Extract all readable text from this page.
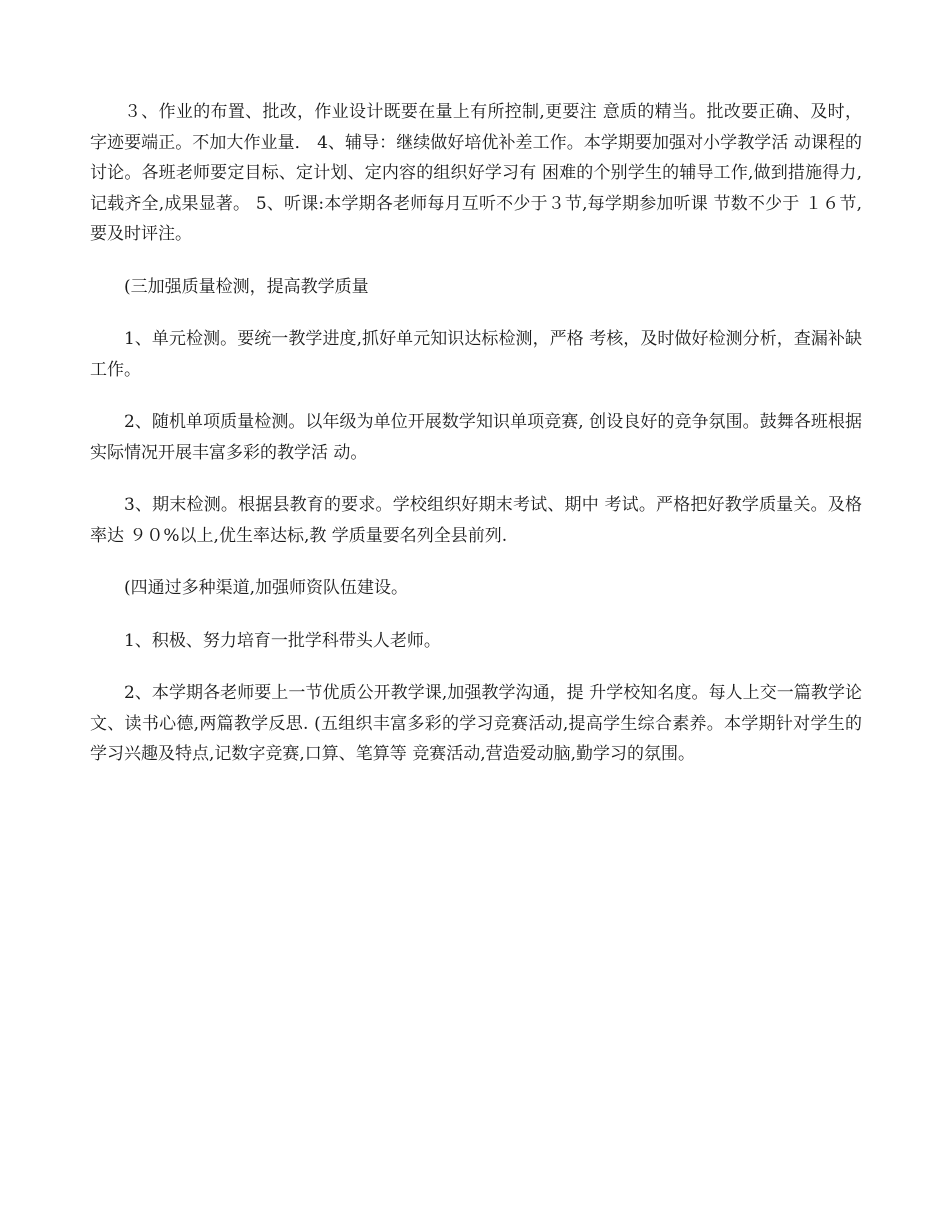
３、作业的布置、批改，作业设计既要在量上有所控制,更要注 意质的精当。批改要正确、及时，字迹要端正。不加大作业量． 4、辅导：继续做好培优补差工作。本学期要加强对小学教学活 动课程的讨论。各班老师要定目标、定计划、定内容的组织好学习有 困难的个别学生的辅导工作,做到措施得力,记载齐全,成果显著。 5、听课:本学期各老师每月互听不少于３节,每学期参加听课 节数不少于 １６节,要及时评注。

(三加强质量检测，提高教学质量

1、单元检测。要统一教学进度,抓好单元知识达标检测，严格 考核，及时做好检测分析，查漏补缺工作。

2、随机单项质量检测。以年级为单位开展数学知识单项竞赛, 创设良好的竞争氛围。鼓舞各班根据实际情况开展丰富多彩的教学活 动。

3、期末检测。根据县教育的要求。学校组织好期末考试、期中 考试。严格把好教学质量关。及格率达 ９０%以上,优生率达标,教 学质量要名列全县前列.

(四通过多种渠道,加强师资队伍建设。

1、积极、努力培育一批学科带头人老师。

2、本学期各老师要上一节优质公开教学课,加强教学沟通，提 升学校知名度。每人上交一篇教学论文、读书心德,两篇教学反思. (五组织丰富多彩的学习竞赛活动,提高学生综合素养。本学期针对学生的学习兴趣及特点,记数字竞赛,口算、笔算等 竞赛活动,营造爱动脑,勤学习的氛围。
